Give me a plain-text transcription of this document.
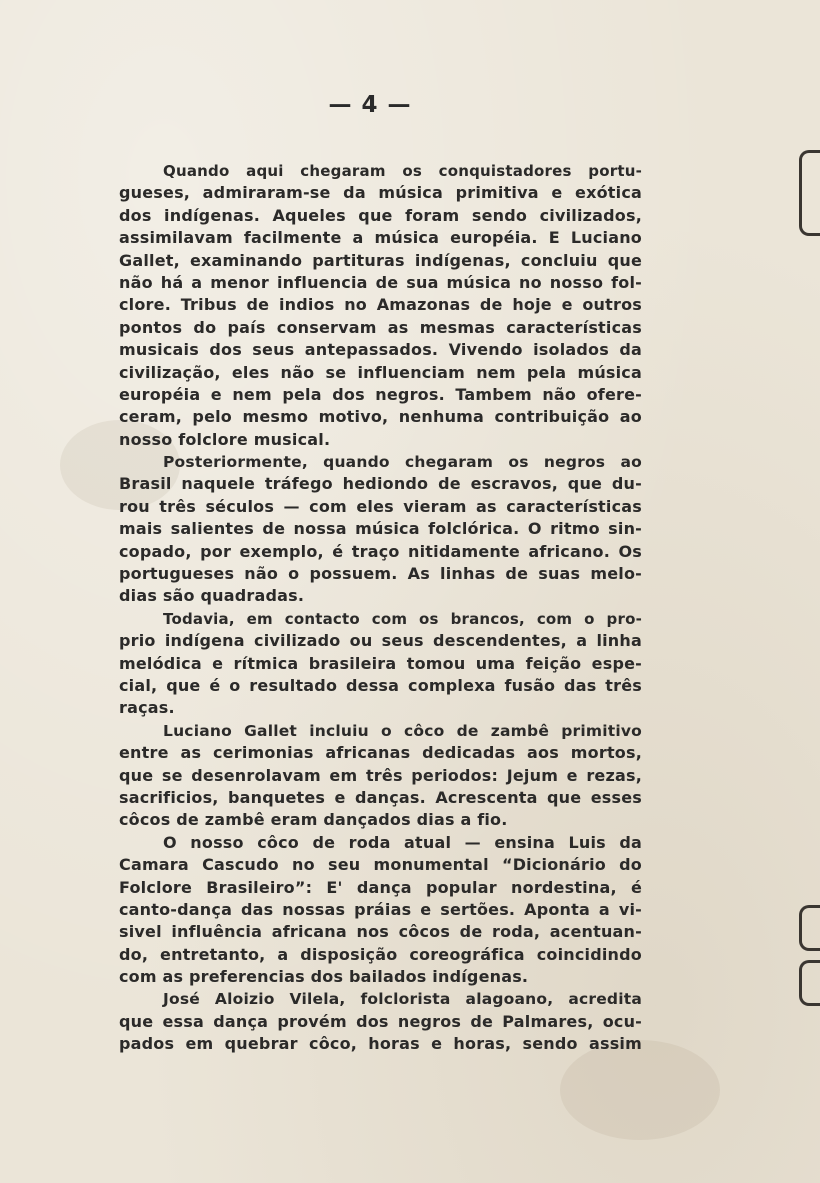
— 4 —
Quando aqui chegaram os conquistadores portu-
gueses, admiraram-se da música primitiva e exótica
dos indígenas. Aqueles que foram sendo civilizados,
assimilavam facilmente a música européia. E Luciano
Gallet, examinando partituras indígenas, concluiu que
não há a menor influencia de sua música no nosso fol-
clore. Tribus de indios no Amazonas de hoje e outros
pontos do país conservam as mesmas características
musicais dos seus antepassados. Vivendo isolados da
civilização, eles não se influenciam nem pela música
européia e nem pela dos negros. Tambem não ofere-
ceram, pelo mesmo motivo, nenhuma contribuição ao
nosso folclore musical.
Posteriormente, quando chegaram os negros ao
Brasil naquele tráfego hediondo de escravos, que du-
rou três séculos — com eles vieram as características
mais salientes de nossa música folclórica. O ritmo sin-
copado, por exemplo, é traço nitidamente africano. Os
portugueses não o possuem. As linhas de suas melo-
dias são quadradas.
Todavia, em contacto com os brancos, com o pro-
prio indígena civilizado ou seus descendentes, a linha
melódica e rítmica brasileira tomou uma feição espe-
cial, que é o resultado dessa complexa fusão das três
raças.
Luciano Gallet incluiu o côco de zambê primitivo
entre as cerimonias africanas dedicadas aos mortos,
que se desenrolavam em três periodos: Jejum e rezas,
sacrificios, banquetes e danças. Acrescenta que esses
côcos de zambê eram dançados dias a fio.
O nosso côco de roda atual — ensina Luis da
Camara Cascudo no seu monumental “Dicionário do
Folclore Brasileiro”: E' dança popular nordestina, é
canto-dança das nossas práias e sertões. Aponta a vi-
sivel influência africana nos côcos de roda, acentuan-
do, entretanto, a disposição coreográfica coincidindo
com as preferencias dos bailados indígenas.
José Aloizio Vilela, folclorista alagoano, acredita
que essa dança provém dos negros de Palmares, ocu-
pados em quebrar côco, horas e horas, sendo assim
